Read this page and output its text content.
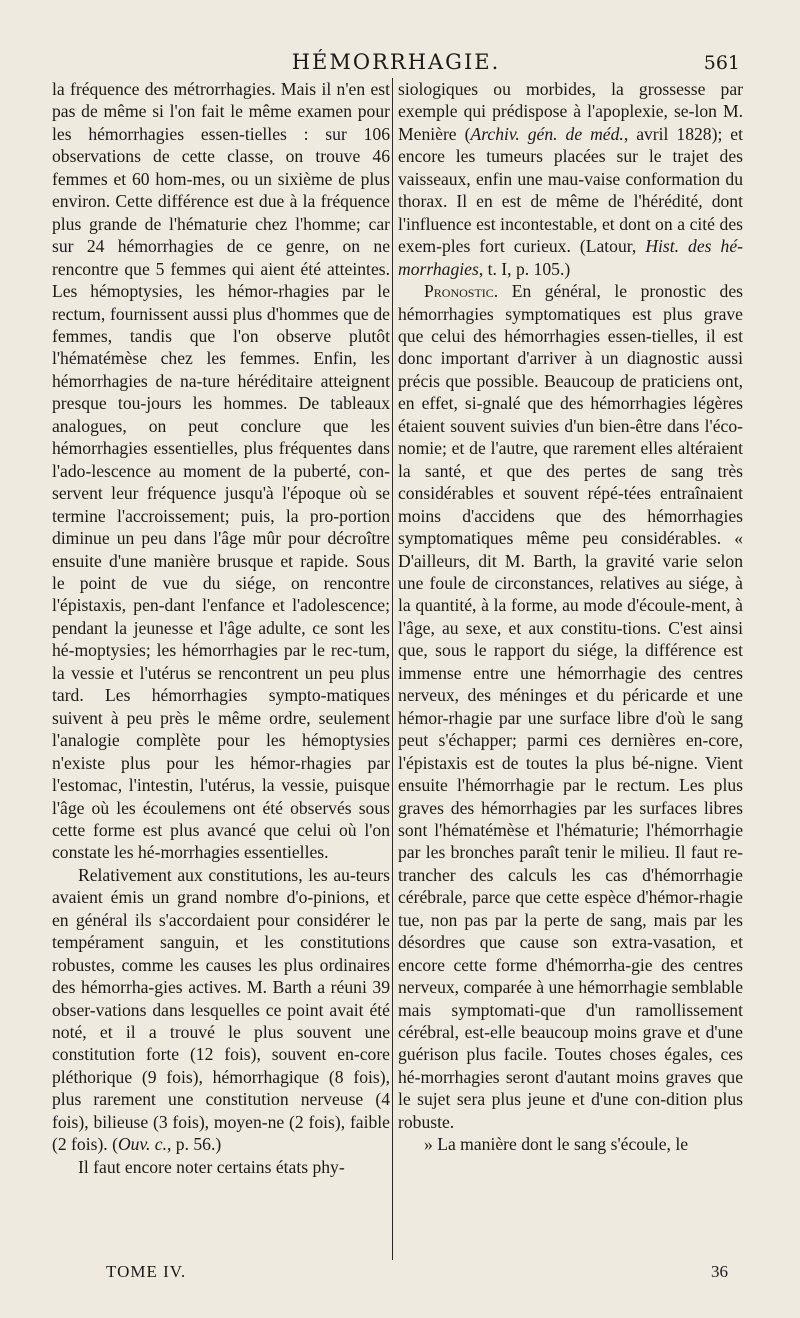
HÉMORRHAGIE.	561

la fréquence des métrorrhagies. Mais il n'en est pas de même si l'on fait le même examen pour les hémorrhagies essen-tielles : sur 106 observations de cette classe, on trouve 46 femmes et 60 hom-mes, ou un sixième de plus environ. Cette différence est due à la fréquence plus grande de l'hématurie chez l'homme; car sur 24 hémorrhagies de ce genre, on ne rencontre que 5 femmes qui aient été atteintes. Les hémoptysies, les hémor-rhagies par le rectum, fournissent aussi plus d'hommes que de femmes, tandis que l'on observe plutôt l'hématémèse chez les femmes. Enfin, les hémorrhagies de na-ture héréditaire atteignent presque tou-jours les hommes. De tableaux analogues, on peut conclure que les hémorrhagies essentielles, plus fréquentes dans l'ado-lescence au moment de la puberté, con-servent leur fréquence jusqu'à l'époque où se termine l'accroissement; puis, la pro-portion diminue un peu dans l'âge mûr pour décroître ensuite d'une manière brusque et rapide. Sous le point de vue du siége, on rencontre l'épistaxis, pen-dant l'enfance et l'adolescence; pendant la jeunesse et l'âge adulte, ce sont les hé-moptysies; les hémorrhagies par le rec-tum, la vessie et l'utérus se rencontrent un peu plus tard. Les hémorrhagies sympto-matiques suivent à peu près le même ordre, seulement l'analogie complète pour les hémoptysies n'existe plus pour les hémor-rhagies par l'estomac, l'intestin, l'utérus, la vessie, puisque l'âge où les écoulemens ont été observés sous cette forme est plus avancé que celui où l'on constate les hé-morrhagies essentielles.

Relativement aux constitutions, les au-teurs avaient émis un grand nombre d'o-pinions, et en général ils s'accordaient pour considérer le tempérament sanguin, et les constitutions robustes, comme les causes les plus ordinaires des hémorrha-gies actives. M. Barth a réuni 39 obser-vations dans lesquelles ce point avait été noté, et il a trouvé le plus souvent une constitution forte (12 fois), souvent en-core pléthorique (9 fois), hémorrhagique (8 fois), plus rarement une constitution nerveuse (4 fois), bilieuse (3 fois), moyen-ne (2 fois), faible (2 fois). (Ouv. c., p. 56.)

Il faut encore noter certains états phy-

siologiques ou morbides, la grossesse par exemple qui prédispose à l'apoplexie, se-lon M. Menière (Archiv. gén. de méd., avril 1828); et encore les tumeurs placées sur le trajet des vaisseaux, enfin une mau-vaise conformation du thorax. Il en est de même de l'hérédité, dont l'influence est incontestable, et dont on a cité des exem-ples fort curieux. (Latour, Hist. des hé-morrhagies, t. I, p. 105.)

Pronostic. En général, le pronostic des hémorrhagies symptomatiques est plus grave que celui des hémorrhagies essen-tielles, il est donc important d'arriver à un diagnostic aussi précis que possible. Beaucoup de praticiens ont, en effet, si-gnalé que des hémorrhagies légères étaient souvent suivies d'un bien-être dans l'éco-nomie; et de l'autre, que rarement elles altéraient la santé, et que des pertes de sang très considérables et souvent répé-tées entraînaient moins d'accidens que des hémorrhagies symptomatiques même peu considérables. « D'ailleurs, dit M. Barth, la gravité varie selon une foule de circonstances, relatives au siége, à la quantité, à la forme, au mode d'écoule-ment, à l'âge, au sexe, et aux constitu-tions. C'est ainsi que, sous le rapport du siége, la différence est immense entre une hémorrhagie des centres nerveux, des méninges et du péricarde et une hémor-rhagie par une surface libre d'où le sang peut s'échapper; parmi ces dernières en-core, l'épistaxis est de toutes la plus bé-nigne. Vient ensuite l'hémorrhagie par le rectum. Les plus graves des hémorrhagies par les surfaces libres sont l'hématémèse et l'hématurie; l'hémorrhagie par les bronches paraît tenir le milieu. Il faut re-trancher des calculs les cas d'hémorrhagie cérébrale, parce que cette espèce d'hémor-rhagie tue, non pas par la perte de sang, mais par les désordres que cause son extra-vasation, et encore cette forme d'hémorrha-gie des centres nerveux, comparée à une hémorrhagie semblable mais symptomati-que d'un ramollissement cérébral, est-elle beaucoup moins grave et d'une guérison plus facile. Toutes choses égales, ces hé-morrhagies seront d'autant moins graves que le sujet sera plus jeune et d'une con-dition plus robuste.

» La manière dont le sang s'écoule, le

TOME IV.	36
